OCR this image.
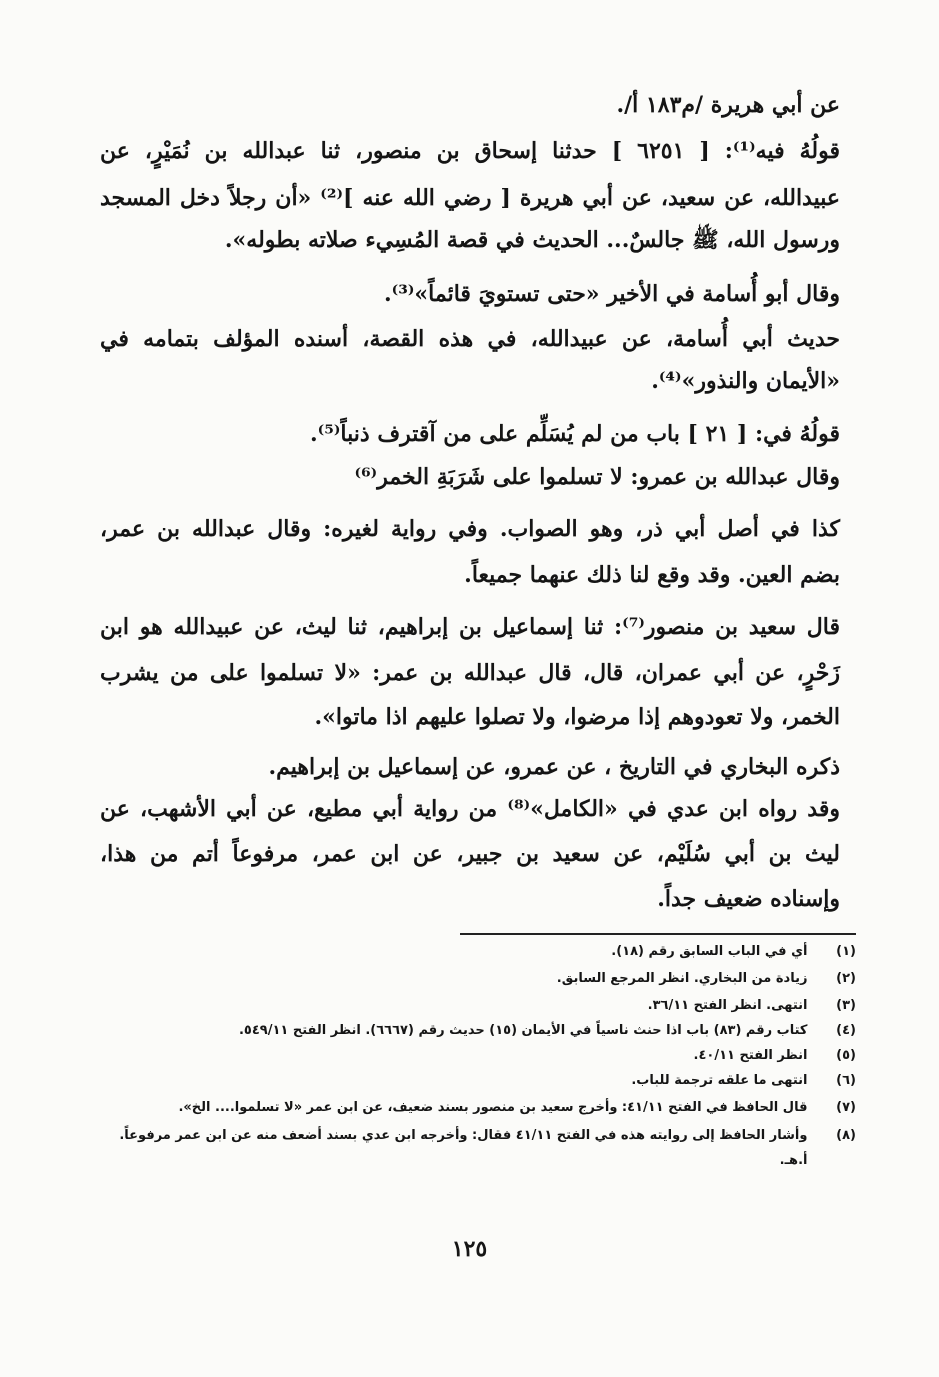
عن أبي هريرة /م١٨٣ أ/.
قولُهُ فيه⁽¹⁾: [ ٦٢٥١ ] حدثنا إسحاق بن منصور، ثنا عبدالله بن نُمَيْرٍ، عن
عبيدالله، عن سعيد، عن أبي هريرة [ رضي الله عنه ]⁽²⁾ «أن رجلاً دخل المسجد
ورسول الله، ﷺ جالسٌ... الحديث في قصة المُسِيء صلاته بطوله».
وقال أبو أُسامة في الأخير «حتى تستويَ قائماً»⁽³⁾.
حديث أبي أُسامة، عن عبيدالله، في هذه القصة، أسنده المؤلف بتمامه في
«الأيمان والنذور»⁽⁴⁾.
قولُهُ في: [ ٢١ ] باب من لم يُسَلِّم على من آقترف ذنباً⁽⁵⁾.
وقال عبدالله بن عمرو: لا تسلموا على شَرَبَةِ الخمر⁽⁶⁾
كذا في أصل أبي ذر، وهو الصواب. وفي رواية لغيره: وقال عبدالله بن عمر،
بضم العين. وقد وقع لنا ذلك عنهما جميعاً.
قال سعيد بن منصور⁽⁷⁾: ثنا إسماعيل بن إبراهيم، ثنا ليث، عن عبيدالله هو ابن
زَحْرٍ، عن أبي عمران، قال، قال عبدالله بن عمر: «لا تسلموا على من يشرب
الخمر، ولا تعودوهم إذا مرضوا، ولا تصلوا عليهم اذا ماتوا».
ذكره البخاري في التاريخ ، عن عمرو، عن إسماعيل بن إبراهيم.
وقد رواه ابن عدي في «الكامل»⁽⁸⁾ من رواية أبي مطيع، عن أبي الأشهب، عن
ليث بن أبي سُلَيْم، عن سعيد بن جبير، عن ابن عمر، مرفوعاً أتم من هذا،
وإسناده ضعيف جداً.
(١) أي في الباب السابق رقم (١٨).
(٢) زيادة من البخاري. انظر المرجع السابق.
(٣) انتهى. انظر الفتح ٣٦/١١.
(٤) كتاب رقم (٨٣) باب اذا حنث ناسياً في الأيمان (١٥) حديث رقم (٦٦٦٧). انظر الفتح ٥٤٩/١١.
(٥) انظر الفتح ٤٠/١١.
(٦) انتهى ما علقه ترجمة للباب.
(٧) قال الحافظ في الفتح ٤١/١١: وأخرج سعيد بن منصور بسند ضعيف، عن ابن عمر «لا تسلموا.... الخ».
(٨) وأشار الحافظ إلى روايته هذه في الفتح ٤١/١١ فقال: وأخرجه ابن عدي بسند أضعف منه عن ابن عمر مرفوعاً.
أ.هـ.
١٢٥
